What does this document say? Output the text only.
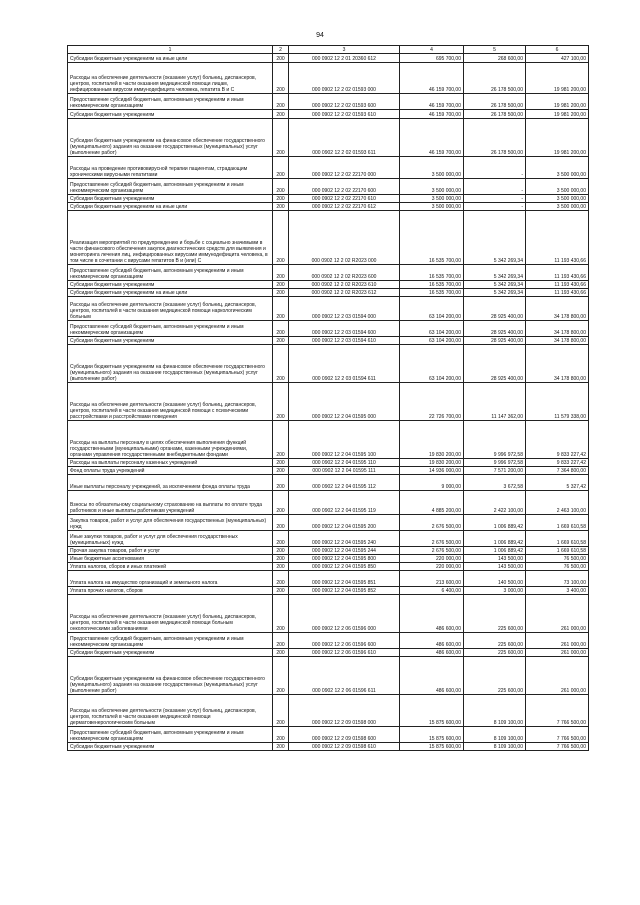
94
1	2	3	4	5	6
Субсидии бюджетным учреждениям на иные цели	200	000 0902 12 2 01 20360 612	695 700,00	268 600,00	427 100,00
Расходы на обеспечение деятельности (оказание услуг) больниц, диспансеров, центров, госпиталей в части оказания медицинской помощи лицам, инфицированным вирусом иммунодефицита человека, гепатита В и С	200	000 0902 12 2 02 01593 000	46 159 700,00	26 178 500,00	19 981 200,00
Предоставление субсидий бюджетным, автономным учреждениям и иным некоммерческим организациям	200	000 0902 12 2 02 01593 600	46 159 700,00	26 178 500,00	19 981 200,00
Субсидии бюджетным учреждениям	200	000 0902 12 2 02 01593 610	46 159 700,00	26 178 500,00	19 981 200,00
Субсидии бюджетным учреждениям на финансовое обеспечение государственного (муниципального) задания на оказание государственных (муниципальных) услуг (выполнение работ)	200	000 0902 12 2 02 01593 611	46 159 700,00	26 178 500,00	19 981 200,00
Расходы на проведение противовирусной терапии пациентам, страдающим хроническими вирусными гепатитами	200	000 0902 12 2 02 22170 000	3 500 000,00	-	3 500 000,00
Предоставление субсидий бюджетным, автономным учреждениям и иным некоммерческим организациям	200	000 0902 12 2 02 22170 600	3 500 000,00	-	3 500 000,00
Субсидии бюджетным учреждениям	200	000 0902 12 2 02 22170 610	3 500 000,00	-	3 500 000,00
Субсидии бюджетным учреждениям на иные цели	200	000 0902 12 2 02 22170 612	3 500 000,00	-	3 500 000,00
Реализация мероприятий по предупреждению и борьбе с социально значимыми в части финансового обеспечения закупок диагностических средств для выявления и мониторинга лечения лиц, инфицированных вирусами иммунодефицита человека, в том числе в сочетании с вирусами гепатитов В и (или) С	200	000 0902 12 2 02 R2023 000	16 535 700,00	5 342 269,34	11 193 430,66
Предоставление субсидий бюджетным, автономным учреждениям и иным некоммерческим организациям	200	000 0902 12 2 02 R2023 600	16 535 700,00	5 342 269,34	11 193 430,66
Субсидии бюджетным учреждениям	200	000 0902 12 2 02 R2023 610	16 535 700,00	5 342 269,34	11 193 430,66
Субсидии бюджетным учреждениям на иные цели	200	000 0902 12 2 02 R2023 612	16 535 700,00	5 342 269,34	11 193 430,66
Расходы на обеспечение деятельности (оказание услуг) больниц, диспансеров, центров, госпиталей в части оказания медицинской помощи наркологическим больным	200	000 0902 12 2 03 01594 000	63 104 200,00	28 925 400,00	34 178 800,00
Предоставление субсидий бюджетным, автономным учреждениям и иным некоммерческим организациям	200	000 0902 12 2 03 01594 600	63 104 200,00	28 925 400,00	34 178 800,00
Субсидии бюджетным учреждениям	200	000 0902 12 2 03 01594 610	63 104 200,00	28 925 400,00	34 178 800,00
Субсидии бюджетным учреждениям на финансовое обеспечение государственного (муниципального) задания на оказание государственных (муниципальных) услуг (выполнение работ)	200	000 0902 12 2 03 01594 611	63 104 200,00	28 925 400,00	34 178 800,00
Расходы на обеспечение деятельности (оказание услуг) больниц, диспансеров, центров, госпиталей в части оказания медицинской помощи с психическими расстройствами и расстройствами поведения	200	000 0902 12 2 04 01595 000	22 726 700,00	11 147 362,00	11 579 338,00
Расходы на выплаты персоналу в целях обеспечения выполнения функций государственными (муниципальными) органами, казенными учреждениями, органами управления государственными внебюджетными фондами	200	000 0902 12 2 04 01595 100	19 830 200,00	9 996 972,58	9 833 227,42
Расходы на выплаты персоналу казенных учреждений	200	000 0902 12 2 04 01595 110	19 830 200,00	9 996 972,58	9 833 227,42
Фонд оплаты труда учреждений	200	000 0902 12 2 04 01595 111	14 936 000,00	7 571 200,00	7 364 800,00
Иные выплаты персоналу учреждений, за исключением фонда оплаты труда	200	000 0902 12 2 04 01595 112	9 000,00	3 672,58	5 327,42
Взносы по обязательному социальному страхованию на выплаты по оплате труда работников и иные выплаты работникам учреждений	200	000 0902 12 2 04 01595 119	4 885 200,00	2 422 100,00	2 463 100,00
Закупка товаров, работ и услуг для обеспечения государственных (муниципальных) нужд	200	000 0902 12 2 04 01595 200	2 676 500,00	1 006 889,42	1 669 610,58
Иные закупки товаров, работ и услуг для обеспечения государственных (муниципальных) нужд	200	000 0902 12 2 04 01595 240	2 676 500,00	1 006 889,42	1 669 610,58
Прочая закупка товаров, работ и услуг	200	000 0902 12 2 04 01595 244	2 676 500,00	1 006 889,42	1 669 610,58
Иные бюджетные ассигнования	200	000 0902 12 2 04 01595 800	220 000,00	143 500,00	76 500,00
Уплата налогов, сборов и иных платежей	200	000 0902 12 2 04 01595 850	220 000,00	143 500,00	76 500,00
Уплата налога на имущество организаций и земельного налога	200	000 0902 12 2 04 01595 851	213 600,00	140 500,00	73 100,00
Уплата прочих налогов, сборов	200	000 0902 12 2 04 01595 852	6 400,00	3 000,00	3 400,00
Расходы на обеспечение деятельности (оказание услуг) больниц, диспансеров, центров, госпиталей в части оказания медицинской помощи больным онкологическими заболеваниями	200	000 0902 12 2 06 01596 000	486 600,00	225 600,00	261 000,00
Предоставление субсидий бюджетным, автономным учреждениям и иным некоммерческим организациям	200	000 0902 12 2 06 01596 600	486 600,00	225 600,00	261 000,00
Субсидии бюджетным учреждениям	200	000 0902 12 2 06 01596 610	486 600,00	225 600,00	261 000,00
Субсидии бюджетным учреждениям на финансовое обеспечение государственного (муниципального) задания на оказание государственных (муниципальных) услуг (выполнение работ)	200	000 0902 12 2 06 01596 611	486 600,00	225 600,00	261 000,00
Расходы на обеспечение деятельности (оказание услуг) больниц, диспансеров, центров, госпиталей в части оказания медицинской помощи дерматовенерологическим больным	200	000 0902 12 2 09 01598 000	15 875 600,00	8 109 100,00	7 766 500,00
Предоставление субсидий бюджетным, автономным учреждениям и иным некоммерческим организациям	200	000 0902 12 2 09 01598 600	15 875 600,00	8 109 100,00	7 766 500,00
Субсидии бюджетным учреждениям	200	000 0902 12 2 09 01598 610	15 875 600,00	8 109 100,00	7 766 500,00
